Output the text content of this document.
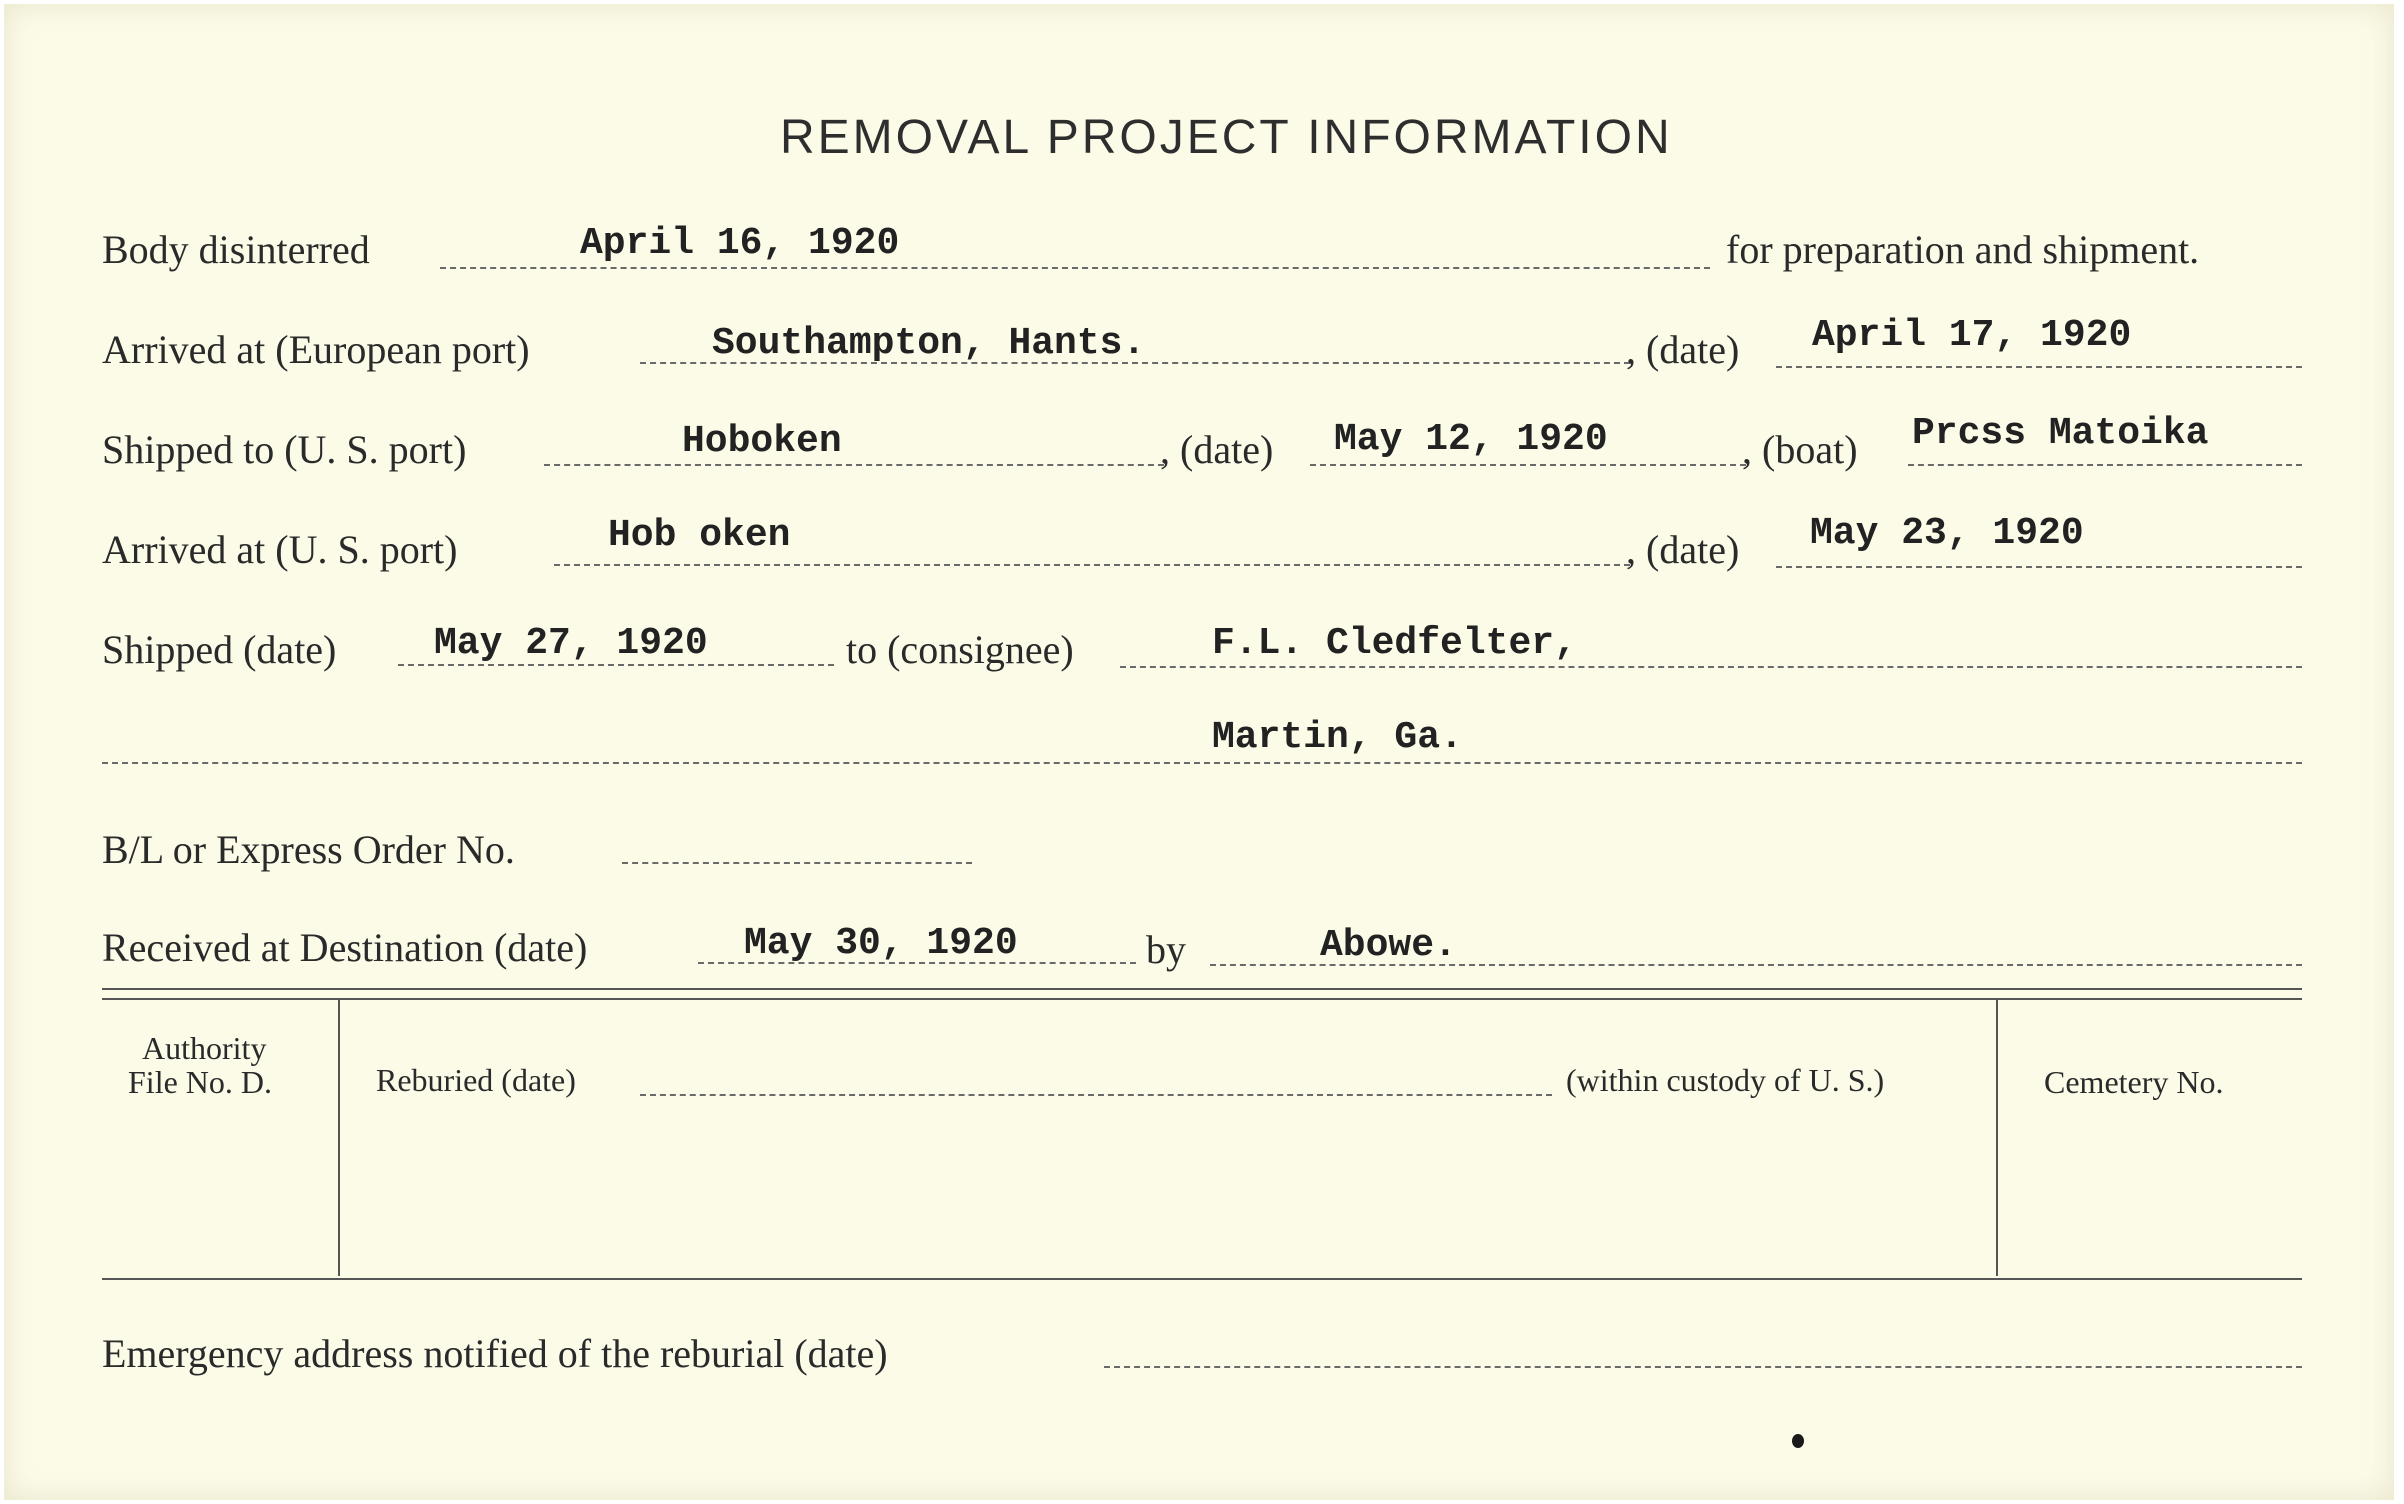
REMOVAL PROJECT INFORMATION
Body disinterred	April 16, 1920	for preparation and shipment.
Arrived at (European port)	Southampton, Hants.	, (date) April 17, 1920
Shipped to (U. S. port)	Hoboken	, (date) May 12, 1920	, (boat) Prcss Matoika
Arrived at (U. S. port)	Hob oken	, (date) May 23, 1920
Shipped (date)	May 27, 1920	to (consignee)	F.L. Cledfelter,
Martin, Ga.
B/L or Express Order No.
Received at Destination (date)	May 30, 1920	by	Abowe.
Authority
File No. D.	Reburied (date)	(within custody of U. S.)	Cemetery No.
Emergency address notified of the reburial (date)
